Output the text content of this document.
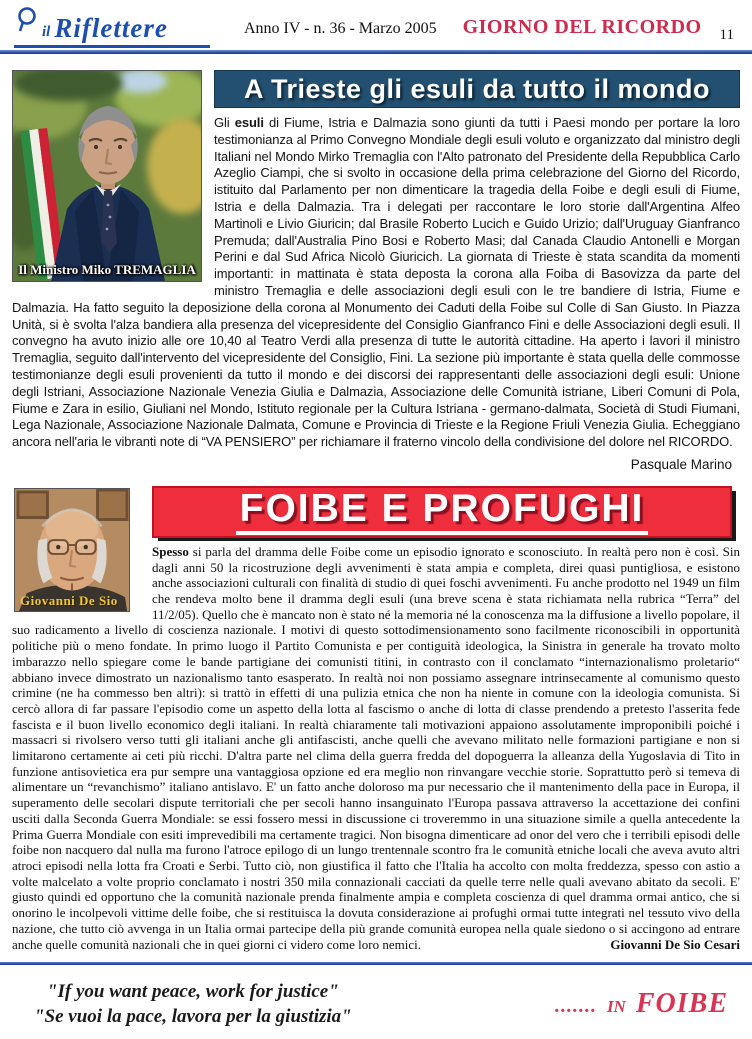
il Riflettere	Anno IV - n. 36 - Marzo 2005 GIORNO DEL RICORDO 11
Il Ministro Miko TREMAGLIA
A Trieste gli esuli da tutto il mondo

Gli esuli di Fiume, Istria e Dalmazia sono giunti da tutti i Paesi mondo per portare la loro testimonianza al Primo Convegno Mondiale degli esuli voluto e organizzato dal ministro degli Italiani nel Mondo Mirko Tremaglia con l'Alto patronato del Presidente della Repubblica Carlo Azeglio Ciampi, che si svolto in occasione della prima celebrazione del Giorno del Ricordo, istituito dal Parlamento per non dimenticare la tragedia della Foibe e degli esuli di Fiume, Istria e della Dalmazia. Tra i delegati per raccontare le loro storie dall'Argentina Alfeo Martinoli e Livio Giuricin; dal Brasile Roberto Lucich e Guido Urizio; dall'Uruguay Gianfranco Premuda; dall'Australia Pino Bosi e Roberto Masi; dal Canada Claudio Antonelli e Morgan Perini e dal Sud Africa Nicolò Giuricich. La giornata di Trieste è stata scandita da momenti importanti: in mattinata è stata deposta la corona alla Foiba di Basovizza da parte del ministro Tremaglia e delle associazioni degli esuli con le tre bandiere di Istria, Fiume e Dalmazia. Ha fatto seguito la deposizione della corona al Monumento dei Caduti della Foibe sul Colle di San Giusto. In Piazza Unità, si è svolta l'alza bandiera alla presenza del vicepresidente del Consiglio Gianfranco Fini e delle Associazioni degli esuli. Il convegno ha avuto inizio alle ore 10,40 al Teatro Verdi alla presenza di tutte le autorità cittadine. Ha aperto i lavori il ministro Tremaglia, seguito dall'intervento del vicepresidente del Consiglio, Fini. La sezione più importante è stata quella delle commosse testimonianze degli esuli provenienti da tutto il mondo e dei discorsi dei rappresentanti delle associazioni degli esuli: Unione degli Istriani, Associazione Nazionale Venezia Giulia e Dalmazia, Associazione delle Comunità istriane, Liberi Comuni di Pola, Fiume e Zara in esilio, Giuliani nel Mondo, Istituto regionale per la Cultura Istriana - germano-dalmata, Società di Studi Fiumani, Lega Nazionale, Associazione Nazionale Dalmata, Comune e Provincia di Trieste e la Regione Friuli Venezia Giulia. Echeggiano ancora nell'aria le vibranti note di “VA PENSIERO” per richiamare il fraterno vincolo della condivisione del dolore nel RICORDO.

Pasquale Marino
Giovanni De Sio
FOIBE E PROFUGHI

Spesso si parla del dramma delle Foibe come un episodio ignorato e sconosciuto. In realtà pero non è così. Sin dagli anni 50 la ricostruzione degli avvenimenti è stata ampia e completa, direi quasi puntigliosa, e esistono anche associazioni culturali con finalità di studio di quei foschi avvenimenti. Fu anche prodotto nel 1949 un film che rendeva molto bene il dramma degli esuli (una breve scena è stata richiamata nella rubrica “Terra” del 11/2/05). Quello che è mancato non è stato né la memoria né la conoscenza ma la diffusione a livello popolare, il suo radicamento a livello di coscienza nazionale. I motivi di questo sottodimensionamento sono facilmente riconoscibili in opportunità politiche più o meno fondate. In primo luogo il Partito Comunista e per contiguità ideologica, la Sinistra in generale ha trovato molto imbarazzo nello spiegare come le bande partigiane dei comunisti titini, in contrasto con il conclamato “internazionalismo proletario“ abbiano invece dimostrato un nazionalismo tanto esasperato. In realtà noi non possiamo assegnare intrinsecamente al comunismo questo crimine (ne ha commesso ben altri): si trattò in effetti di una pulizia etnica che non ha niente in comune con la ideologia comunista. Si cercò allora di far passare l'episodio come un aspetto della lotta al fascismo o anche di lotta di classe prendendo a pretesto l'asserita fede fascista e il buon livello economico degli italiani. In realtà chiaramente tali motivazioni appaiono assolutamente improponibili poiché i massacri si rivolsero verso tutti gli italiani anche gli antifascisti, anche quelli che avevano militato nelle formazioni partigiane e non si limitarono certamente ai ceti più ricchi. D'altra parte nel clima della guerra fredda del dopoguerra la alleanza della Yugoslavia di Tito in funzione antisovietica era pur sempre una vantaggiosa opzione ed era meglio non rinvangare vecchie storie. Soprattutto però si temeva di alimentare un “revanchismo” italiano antislavo. E' un fatto anche doloroso ma pur necessario che il mantenimento della pace in Europa, il superamento delle secolari dispute territoriali che per secoli hanno insanguinato l'Europa passava attraverso la accettazione dei confini usciti dalla Seconda Guerra Mondiale: se essi fossero messi in discussione ci troveremmo in una situazione simile a quella antecedente la Prima Guerra Mondiale con esiti imprevedibili ma certamente tragici. Non bisogna dimenticare ad onor del vero che i terribili episodi delle foibe non nacquero dal nulla ma furono l'atroce epilogo di un lungo trentennale scontro fra le comunità etniche locali che aveva avuto altri atroci episodi nella lotta fra Croati e Serbi. Tutto ciò, non giustifica il fatto che l'Italia ha accolto con molta freddezza, spesso con astio a volte malcelato a volte proprio conclamato i nostri 350 mila connazionali cacciati da quelle terre nelle quali avevano abitato da secoli. E' giusto quindi ed opportuno che la comunità nazionale prenda finalmente ampia e completa coscienza di quel dramma ormai antico, che si onorino le incolpevoli vittime delle foibe, che si restituisca la dovuta considerazione ai profughi ormai tutte integrati nel tessuto vivo della nazione, che tutto ciò avvenga in un Italia ormai partecipe della più grande comunità europea nella quale siedono o si accingono ad entrare anche quelle comunità nazionali che in quei giorni ci videro come loro nemici.	Giovanni De Sio Cesari

"If you want peace, work for justice"
"Se vuoi la pace, lavora per la giustizia"	....... IN FOIBE
